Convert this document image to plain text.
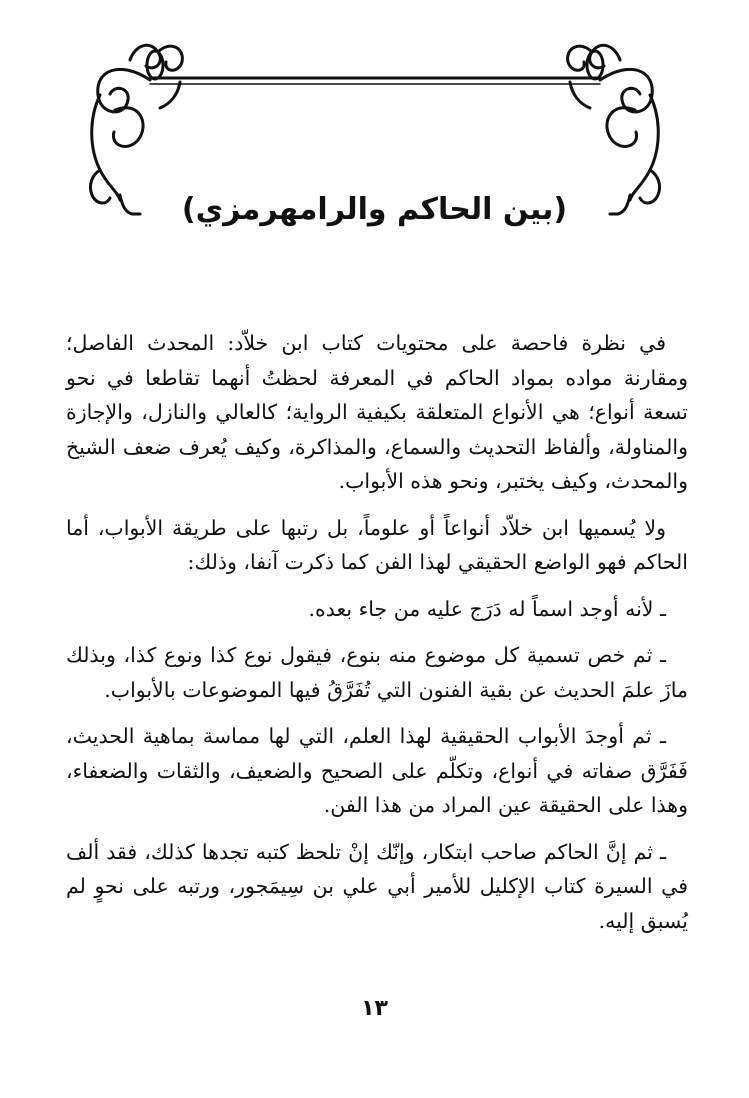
(بين الحاكم والرامهرمزي)

في نظرة فاحصة على محتويات كتاب ابن خلاّد: المحدث الفاصل؛ ومقارنة مواده بمواد الحاكم في المعرفة لحظتُ أنهما تقاطعا في نحو تسعة أنواع؛ هي الأنواع المتعلقة بكيفية الرواية؛ كالعالي والنازل، والإجازة والمناولة، وألفاظ التحديث والسماع، والمذاكرة، وكيف يُعرف ضعف الشيخ والمحدث، وكيف يختبر، ونحو هذه الأبواب.

ولا يُسميها ابن خلاّد أنواعاً أو علوماً، بل رتبها على طريقة الأبواب، أما الحاكم فهو الواضع الحقيقي لهذا الفن كما ذكرت آنفا، وذلك:

ـ لأنه أوجد اسماً له دَرَج عليه من جاء بعده.

ـ ثم خص تسمية كل موضوع منه بنوع، فيقول نوع كذا ونوع كذا، وبذلك مازَ علمَ الحديث عن بقية الفنون التي تُفَرَّقُ فيها الموضوعات بالأبواب.

ـ ثم أوجدَ الأبواب الحقيقية لهذا العلم، التي لها مماسة بماهية الحديث، فَفَرَّق صفاته في أنواع، وتكلّم على الصحيح والضعيف، والثقات والضعفاء، وهذا على الحقيقة عين المراد من هذا الفن.

ـ ثم إنَّ الحاكم صاحب ابتكار، وإنّك إنْ تلحظ كتبه تجدها كذلك، فقد ألف في السيرة كتاب الإكليل للأمير أبي علي بن سِيمَجور، ورتبه على نحوٍ لم يُسبق إليه.

١٣
